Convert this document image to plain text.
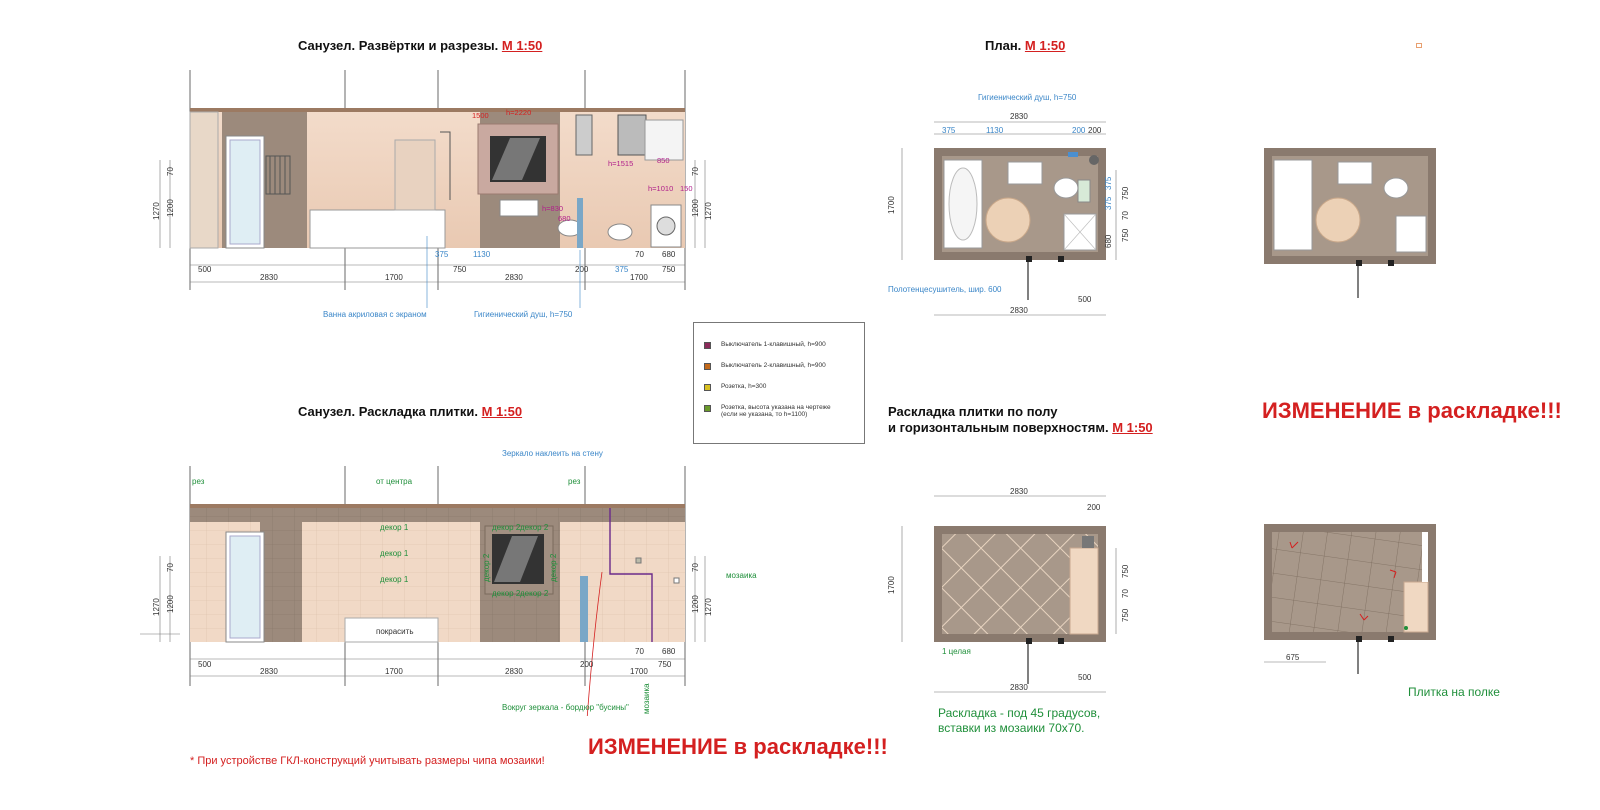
Санузел. Развёртки и разрезы. М 1:50	План. М 1:50
Санузел. Раскладка плитки. М 1:50	Раскладка плитки по полу
и горизонтальным поверхностям. М 1:50
ИЗМЕНЕНИЕ в раскладке!!!
ИЗМЕНЕНИЕ в раскладке!!!
* При устройстве ГКЛ-конструкций учитывать размеры чипа мозаики!
Раскладка - под 45 градусов,
вставки из мозаики 70х70.
Плитка на полке
Выключатель 1-клавишный, h=900
Выключатель 2-клавишный, h=900
Розетка, h=300
Розетка, высота указана на чертеже
(если не указана, то h=1100)
500
2830	1700
750
2830
200
1700
680
70
750
375	1130
375
1270 1200
70
1200 1270
70
h=1515
h=1010
850
150
h=830
680
1500 h=2220
Ванна акриловая с экраном	Гигиенический душ, h=750
Гигиенический душ, h=750
Полотенцесушитель, шир. 600
375	1130	200
375
375
2830
200
1700
750
70
750
680
500
2830
500
2830	1700	2830
200
1700
750
70 680
1270 1200
70
1200 1270
70
покрасить
рез	от центра	рез
декор 1
декор 1
декор 1
декор 2 декор 2
декор 2 декор 2
декор 2	декор 2	мозаика
мозаика
Вокруг зеркала - бордюр "бусины"
Зеркало наклеить на стену
2830
200
1700
750
70
750
500
2830
1 целая
675
